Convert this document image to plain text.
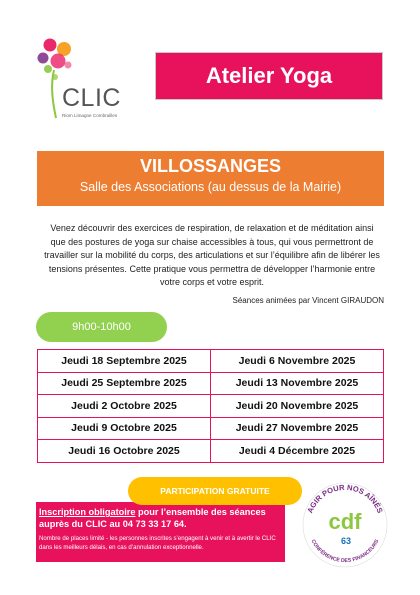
CLIC
Riom Limagne Combrailles
Atelier Yoga
VILLOSSANGES
Salle des Associations (au dessus de la Mairie)

Venez découvrir des exercices de respiration, de relaxation et de méditation ainsi que des postures de yoga sur chaise accessibles à tous, qui vous permettront de travailler sur la mobilité du corps, des articulations et sur l’équilibre afin de libérer les tensions présentes. Cette pratique vous permettra de développer l’harmonie entre votre corps et votre esprit.

Séances animées par Vincent GIRAUDON

9h00-10h00
Jeudi 18 Septembre 2025	Jeudi 6 Novembre 2025
Jeudi 25 Septembre 2025	Jeudi 13 Novembre 2025
Jeudi 2 Octobre 2025	Jeudi 20 Novembre 2025
Jeudi 9 Octobre 2025	Jeudi 27 Novembre 2025
Jeudi 16 Octobre 2025	Jeudi 4 Décembre 2025

Inscription obligatoire pour l’ensemble des séances auprès du CLIC au 04 73 33 17 64.

Nombre de places limité - les personnes inscrites s’engagent à venir et à avertir le CLIC dans les meilleurs délais, en cas d’annulation exceptionnelle.

PARTICIPATION GRATUITE
AGIR POUR NOS AÎNÉS
CONFÉRENCE DES FINANCEURS
cdf
63
